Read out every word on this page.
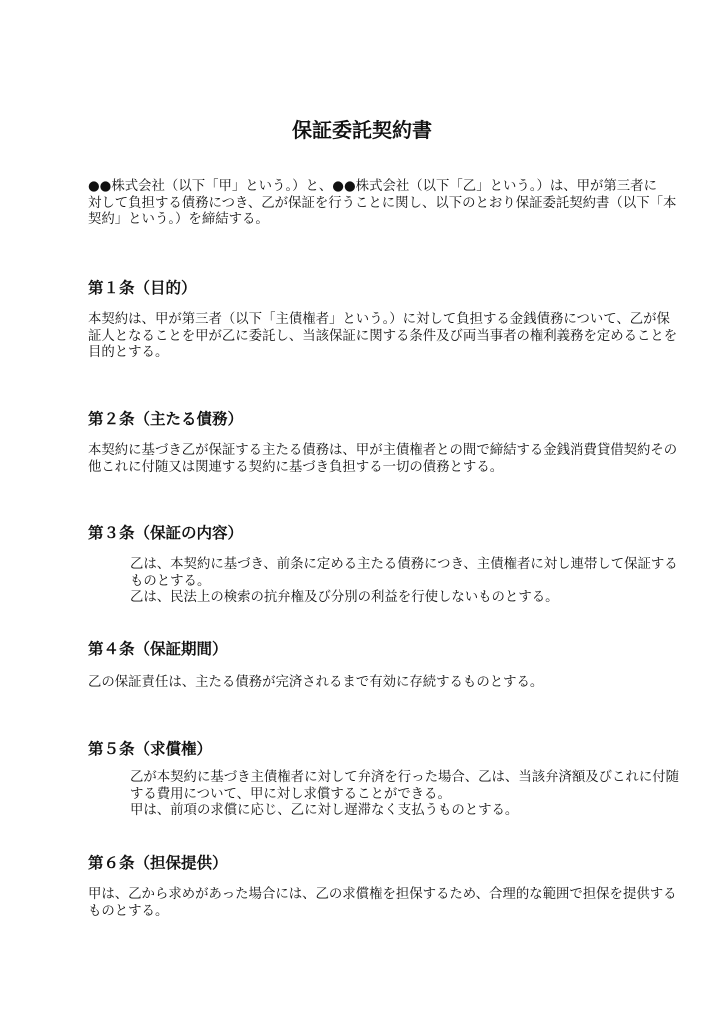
保証委託契約書
●●株式会社（以下「甲」という。）と、●●株式会社（以下「乙」という。）は、甲が第三者に
対して負担する債務につき、乙が保証を行うことに関し、以下のとおり保証委託契約書（以下「本
契約」という。）を締結する。
第１条（目的）
本契約は、甲が第三者（以下「主債権者」という。）に対して負担する金銭債務について、乙が保
証人となることを甲が乙に委託し、当該保証に関する条件及び両当事者の権利義務を定めることを
目的とする。
第２条（主たる債務）
本契約に基づき乙が保証する主たる債務は、甲が主債権者との間で締結する金銭消費貸借契約その
他これに付随又は関連する契約に基づき負担する一切の債務とする。
第３条（保証の内容）
乙は、本契約に基づき、前条に定める主たる債務につき、主債権者に対し連帯して保証する
ものとする。
乙は、民法上の検索の抗弁権及び分別の利益を行使しないものとする。
第４条（保証期間）
乙の保証責任は、主たる債務が完済されるまで有効に存続するものとする。
第５条（求償権）
乙が本契約に基づき主債権者に対して弁済を行った場合、乙は、当該弁済額及びこれに付随
する費用について、甲に対し求償することができる。
甲は、前項の求償に応じ、乙に対し遅滞なく支払うものとする。
第６条（担保提供）
甲は、乙から求めがあった場合には、乙の求償権を担保するため、合理的な範囲で担保を提供する
ものとする。
